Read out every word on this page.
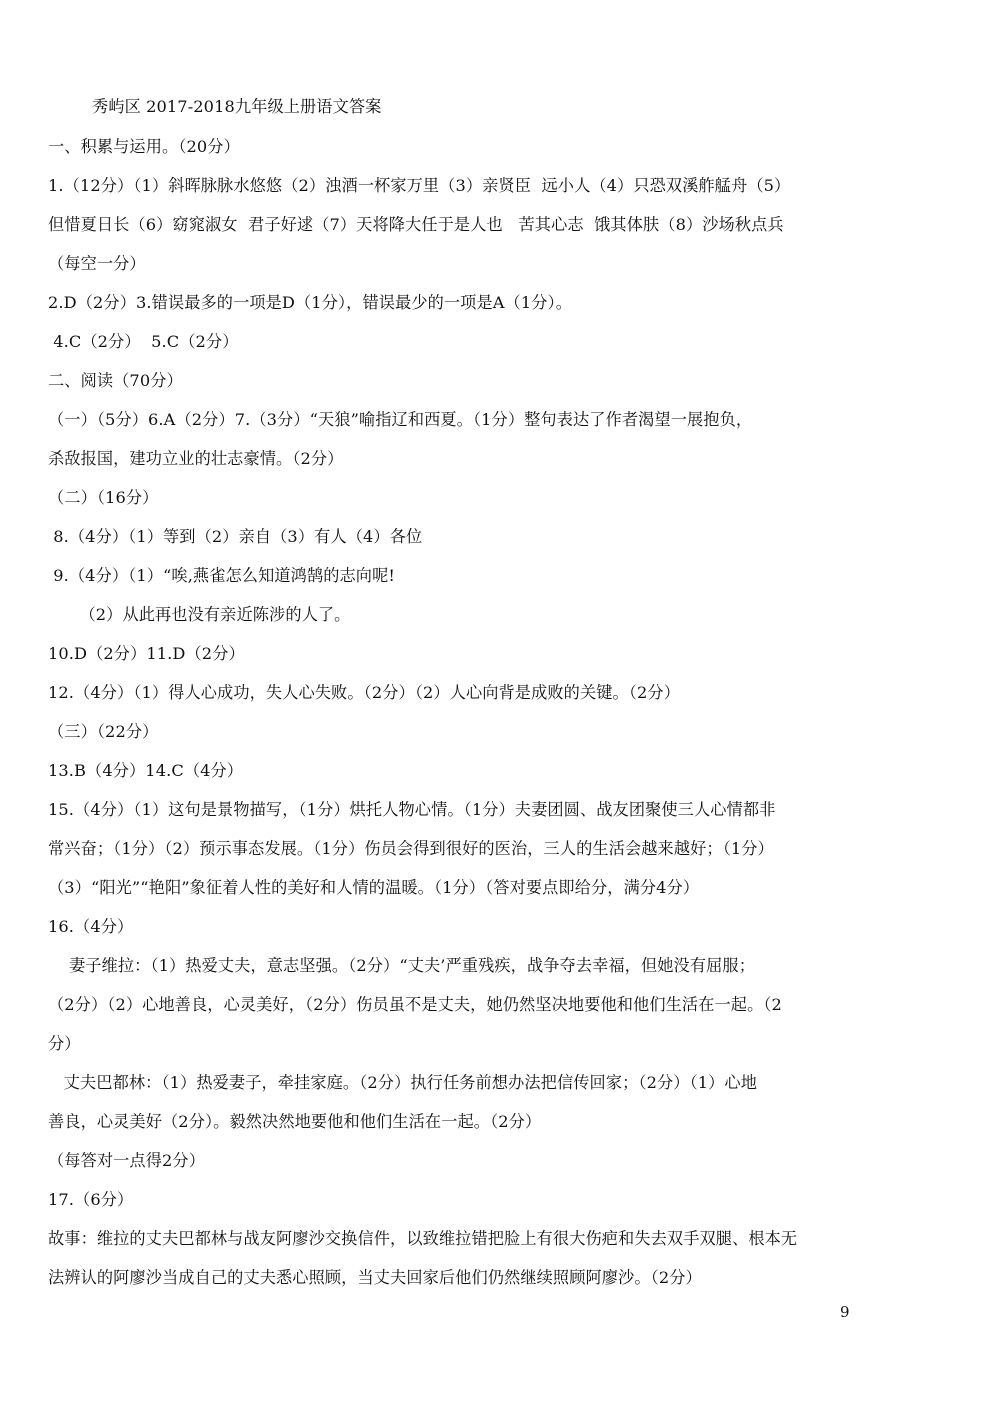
秀屿区 2017-2018九年级上册语文答案
一、积累与运用。（20分）
1.（12分）（1）斜晖脉脉水悠悠（2）浊酒一杯家万里（3）亲贤臣  远小人（4）只恐双溪舴艋舟（5）
但惜夏日长（6）窈窕淑女  君子好逑（7）天将降大任于是人也   苦其心志  饿其体肤（8）沙场秋点兵
（每空一分）
2.D（2分）3.错误最多的一项是D（1分），错误最少的一项是A（1分）。
4.C（2分）  5.C（2分）
二、阅读（70分）
（一）（5分）6.A（2分）7.（3分）“天狼”喻指辽和西夏。（1分）整句表达了作者渴望一展抱负，
杀敌报国，建功立业的壮志豪情。（2分）
（二）（16分）
8.（4分）（1）等到（2）亲自（3）有人（4）各位
9.（4分）（1）“唉,燕雀怎么知道鸿鹄的志向呢!
（2）从此再也没有亲近陈涉的人了。
10.D（2分）11.D（2分）
12.（4分）（1）得人心成功，失人心失败。（2分）（2）人心向背是成败的关键。（2分）
（三）（22分）
13.B（4分）14.C（4分）
15.（4分）（1）这句是景物描写，（1分）烘托人物心情。（1分）夫妻团圆、战友团聚使三人心情都非
常兴奋；（1分）（2）预示事态发展。（1分）伤员会得到很好的医治，三人的生活会越来越好；（1分）
（3）“阳光”“艳阳”象征着人性的美好和人情的温暖。（1分）（答对要点即给分，满分4分）
16.（4分）
妻子维拉：（1）热爱丈夫，意志坚强。（2分）“丈夫’严重残疾，战争夺去幸福，但她没有屈服；
（2分）（2）心地善良，心灵美好，（2分）伤员虽不是丈夫，她仍然坚决地要他和他们生活在一起。（2
分）
丈夫巴都林：（1）热爱妻子，牵挂家庭。（2分）执行任务前想办法把信传回家；（2分）（1）心地
善良，心灵美好（2分）。毅然决然地要他和他们生活在一起。（2分）
（每答对一点得2分）
17.（6分）
故事：维拉的丈夫巴都林与战友阿廖沙交换信件，以致维拉错把脸上有很大伤疤和失去双手双腿、根本无
法辨认的阿廖沙当成自己的丈夫悉心照顾，当丈夫回家后他们仍然继续照顾阿廖沙。（2分）
9
